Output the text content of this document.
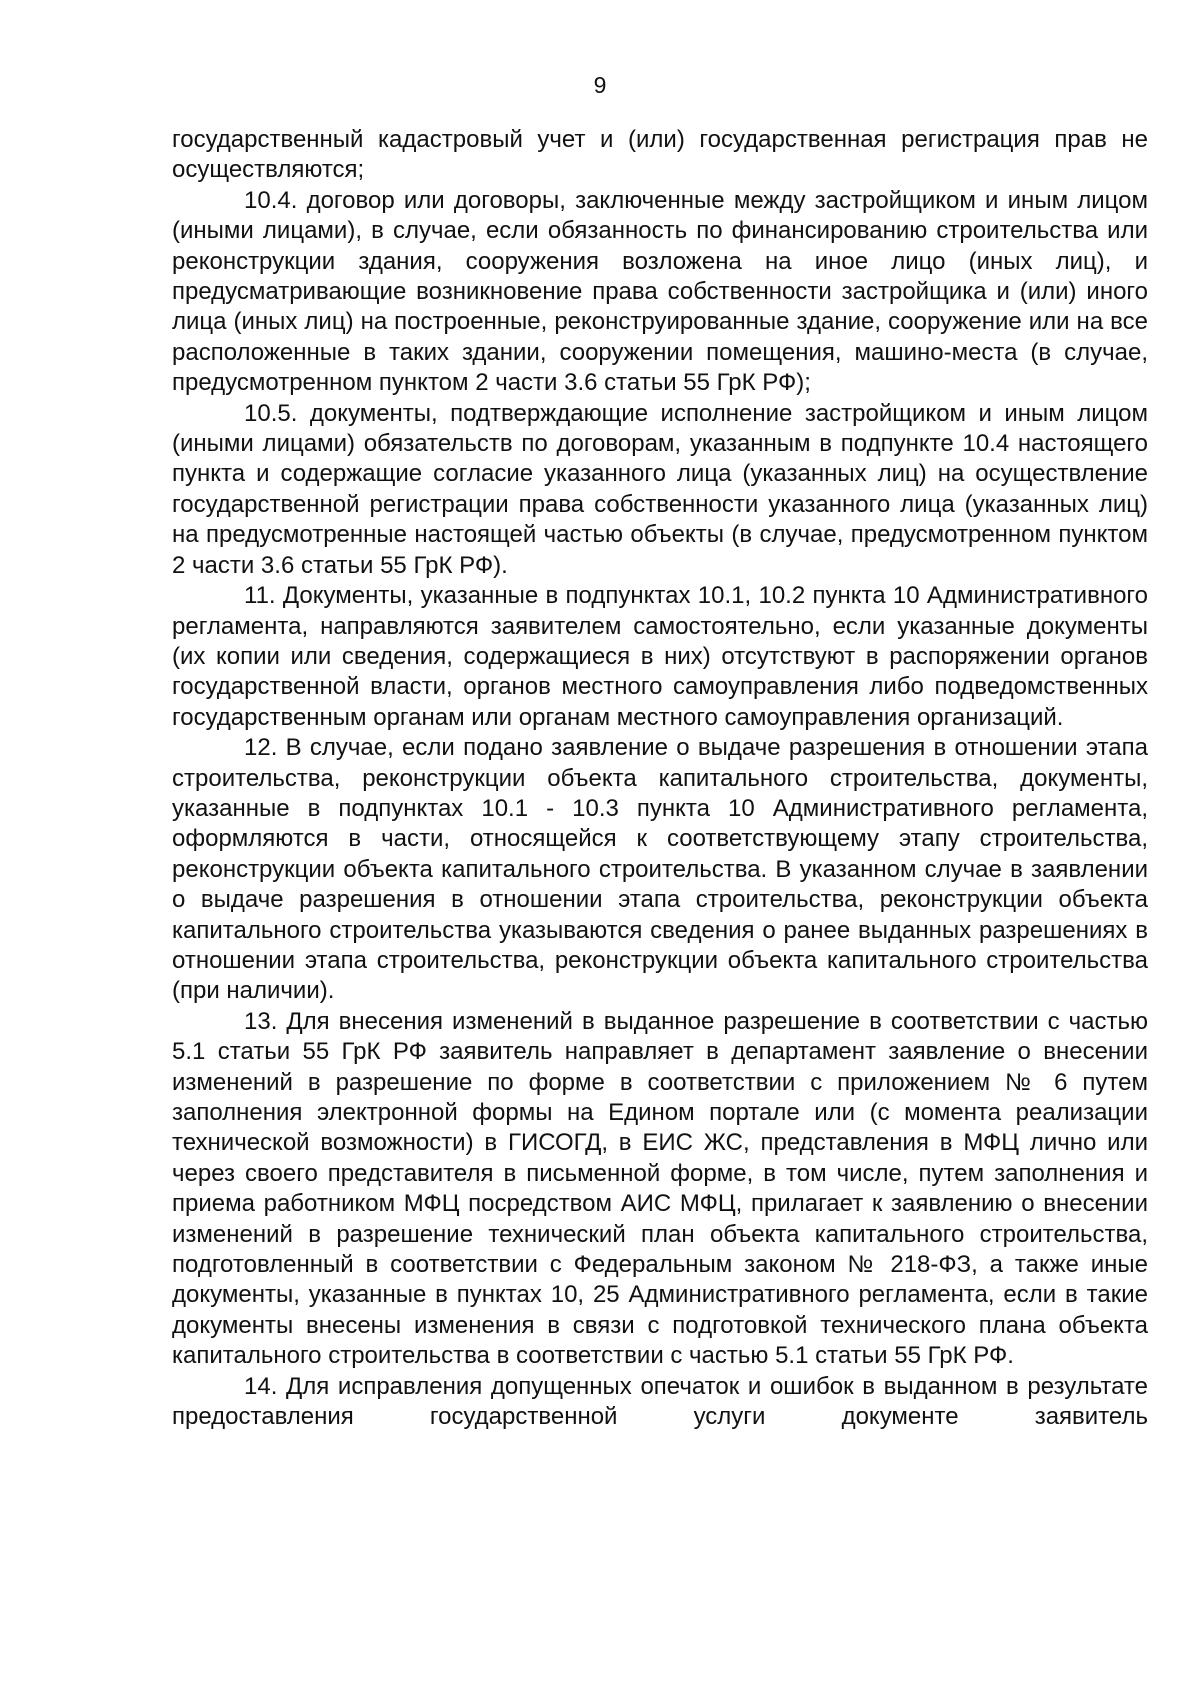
9

государственный кадастровый учет и (или) государственная регистрация прав не осуществляются;

10.4. договор или договоры, заключенные между застройщиком и иным лицом (иными лицами), в случае, если обязанность по финансированию строительства или реконструкции здания, сооружения возложена на иное лицо (иных лиц), и предусматривающие возникновение права собственности застройщика и (или) иного лица (иных лиц) на построенные, реконструированные здание, сооружение или на все расположенные в таких здании, сооружении помещения, машино-места (в случае, предусмотренном пунктом 2 части 3.6 статьи 55 ГрК РФ);

10.5. документы, подтверждающие исполнение застройщиком и иным лицом (иными лицами) обязательств по договорам, указанным в подпункте 10.4 настоящего пункта и содержащие согласие указанного лица (указанных лиц) на осуществление государственной регистрации права собственности указанного лица (указанных лиц) на предусмотренные настоящей частью объекты (в случае, предусмотренном пунктом 2 части 3.6 статьи 55 ГрК РФ).

11. Документы, указанные в подпунктах 10.1, 10.2 пункта 10 Административного регламента, направляются заявителем самостоятельно, если указанные документы (их копии или сведения, содержащиеся в них) отсутствуют в распоряжении органов государственной власти, органов местного самоуправления либо подведомственных государственным органам или органам местного самоуправления организаций.

12. В случае, если подано заявление о выдаче разрешения в отношении этапа строительства, реконструкции объекта капитального строительства, документы, указанные в подпунктах 10.1 - 10.3 пункта 10 Административного регламента, оформляются в части, относящейся к соответствующему этапу строительства, реконструкции объекта капитального строительства. В указанном случае в заявлении о выдаче разрешения в отношении этапа строительства, реконструкции объекта капитального строительства указываются сведения о ранее выданных разрешениях в отношении этапа строительства, реконструкции объекта капитального строительства (при наличии).

13. Для внесения изменений в выданное разрешение в соответствии с частью 5.1 статьи 55 ГрК РФ заявитель направляет в департамент заявление о внесении изменений в разрешение по форме в соответствии с приложением № 6 путем заполнения электронной формы на Едином портале или (с момента реализации технической возможности) в ГИСОГД, в ЕИС ЖС, представления в МФЦ лично или через своего представителя в письменной форме, в том числе, путем заполнения и приема работником МФЦ посредством АИС МФЦ, прилагает к заявлению о внесении изменений в разрешение технический план объекта капитального строительства, подготовленный в соответствии с Федеральным законом № 218-ФЗ, а также иные документы, указанные в пунктах 10, 25 Административного регламента, если в такие документы внесены изменения в связи с подготовкой технического плана объекта капитального строительства в соответствии с частью 5.1 статьи 55 ГрК РФ.

14. Для исправления допущенных опечаток и ошибок в выданном в результате предоставления государственной услуги документе заявитель
